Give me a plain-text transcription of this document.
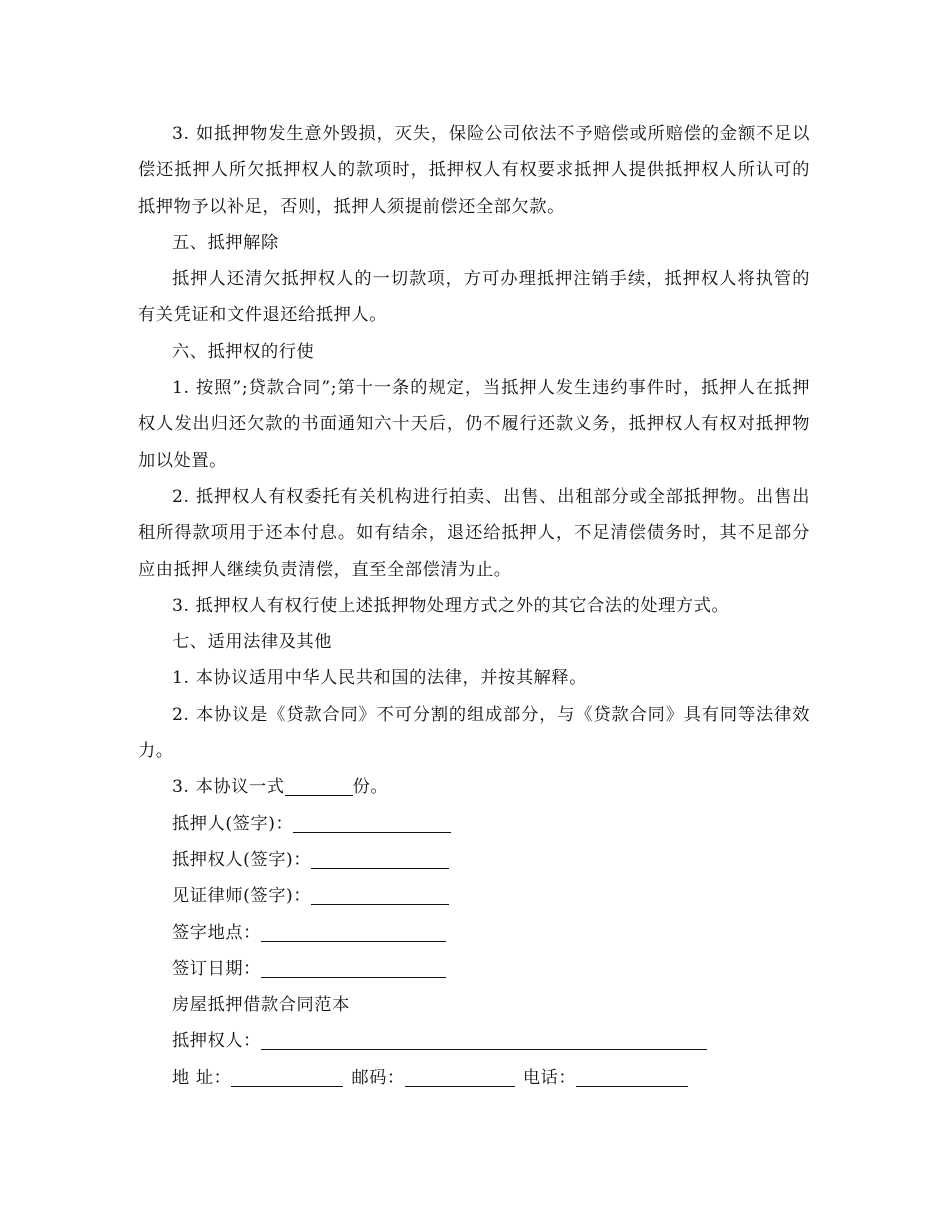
3. 如抵押物发生意外毁损，灭失，保险公司依法不予赔偿或所赔偿的金额不足以偿还抵押人所欠抵押权人的款项时，抵押权人有权要求抵押人提供抵押权人所认可的抵押物予以补足，否则，抵押人须提前偿还全部欠款。

五、抵押解除

抵押人还清欠抵押权人的一切款项，方可办理抵押注销手续，抵押权人将执管的有关凭证和文件退还给抵押人。

六、抵押权的行使

1. 按照”;贷款合同”;第十一条的规定，当抵押人发生违约事件时，抵押人在抵押权人发出归还欠款的书面通知六十天后，仍不履行还款义务，抵押权人有权对抵押物加以处置。

2. 抵押权人有权委托有关机构进行拍卖、出售、出租部分或全部抵押物。出售出租所得款项用于还本付息。如有结余，退还给抵押人，不足清偿债务时，其不足部分应由抵押人继续负责清偿，直至全部偿清为止。

3. 抵押权人有权行使上述抵押物处理方式之外的其它合法的处理方式。

七、适用法律及其他

1. 本协议适用中华人民共和国的法律，并按其解释。

2. 本协议是《贷款合同》不可分割的组成部分，与《贷款合同》具有同等法律效力。

3. 本协议一式	份。

抵押人(签字)：

抵押权人(签字)：

见证律师(签字)：

签字地点：

签订日期：

房屋抵押借款合同范本

抵押权人：

地 址：	邮码：	电话：
